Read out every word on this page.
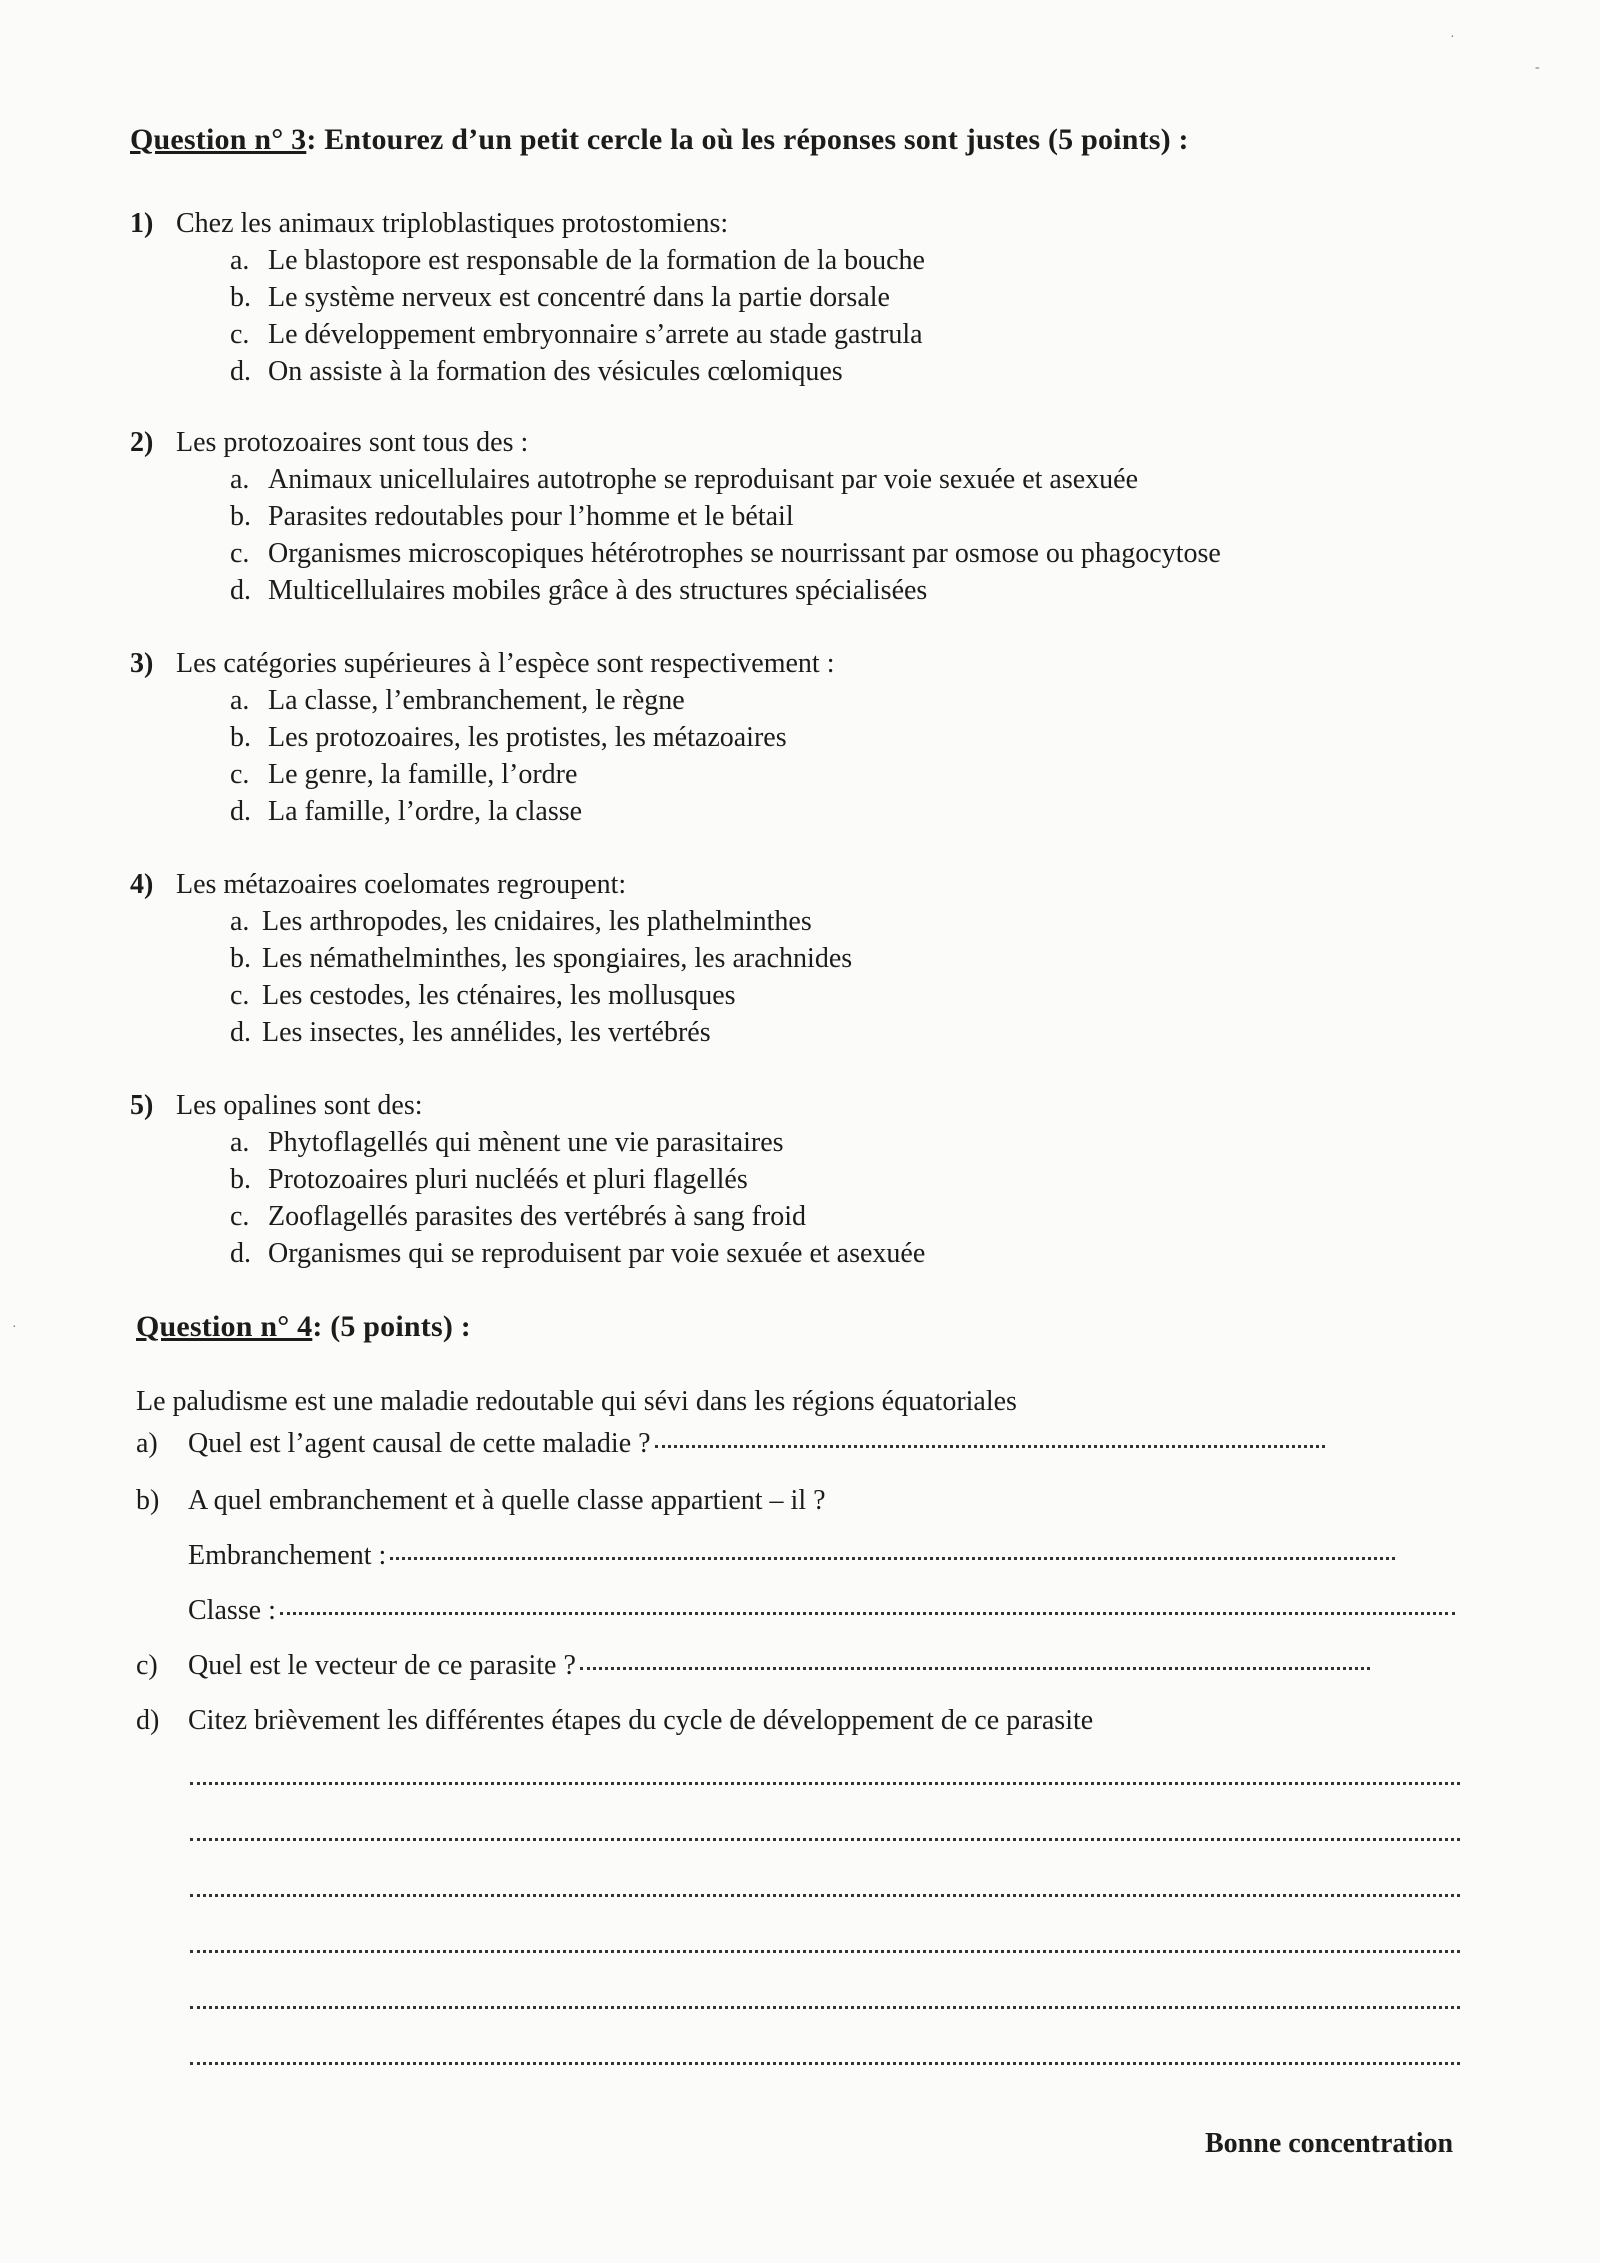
Question n° 3: Entourez d’un petit cercle la où les réponses sont justes (5 points) :
1) Chez les animaux triploblastiques protostomiens:
a. Le blastopore est responsable de la formation de la bouche
b. Le système nerveux est concentré dans la partie dorsale
c. Le développement embryonnaire s’arrete au stade gastrula
d. On assiste à la formation des vésicules cœlomiques
2) Les protozoaires sont tous des :
a. Animaux unicellulaires autotrophe se reproduisant par voie sexuée et asexuée
b. Parasites redoutables pour l’homme et le bétail
c. Organismes microscopiques hétérotrophes se nourrissant par osmose ou phagocytose
d. Multicellulaires mobiles grâce à des structures spécialisées
3) Les catégories supérieures à l’espèce sont respectivement :
a. La classe, l’embranchement, le règne
b. Les protozoaires, les protistes, les métazoaires
c. Le genre, la famille, l’ordre
d. La famille, l’ordre, la classe
4) Les métazoaires coelomates regroupent:
a. Les arthropodes, les cnidaires, les plathelminthes
b. Les némathelminthes, les spongiaires, les arachnides
c. Les cestodes, les cténaires, les mollusques
d. Les insectes, les annélides, les vertébrés
5) Les opalines sont des:
a. Phytoflagellés qui mènent une vie parasitaires
b. Protozoaires pluri nucléés et pluri flagellés
c. Zooflagellés parasites des vertébrés à sang froid
d. Organismes qui se reproduisent par voie sexuée et asexuée
Question n° 4: (5 points) :
Le paludisme est une maladie redoutable qui sévi dans les régions équatoriales
a)	Quel est l’agent causal de cette maladie ?
b)	A quel embranchement et à quelle classe appartient – il ?
Embranchement :
Classe :
c)	Quel est le vecteur de ce parasite ?
d)	Citez brièvement les différentes étapes du cycle de développement de ce parasite
Bonne concentration
·
-
·
